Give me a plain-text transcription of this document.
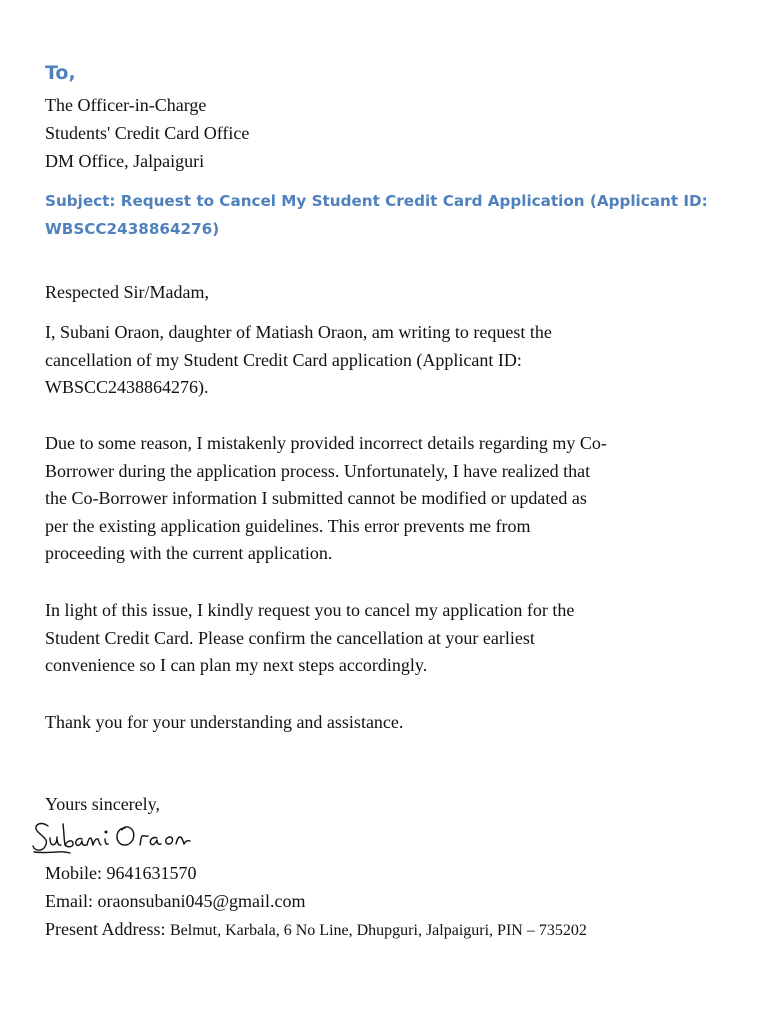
To,
The Officer-in-Charge
Students' Credit Card Office
DM Office, Jalpaiguri
Subject: Request to Cancel My Student Credit Card Application (Applicant ID:
WBSCC2438864276)
Respected Sir/Madam,
I, Subani Oraon, daughter of Matiash Oraon, am writing to request the
cancellation of my Student Credit Card application (Applicant ID:
WBSCC2438864276).
Due to some reason, I mistakenly provided incorrect details regarding my Co-
Borrower during the application process. Unfortunately, I have realized that
the Co-Borrower information I submitted cannot be modified or updated as
per the existing application guidelines. This error prevents me from
proceeding with the current application.
In light of this issue, I kindly request you to cancel my application for the
Student Credit Card. Please confirm the cancellation at your earliest
convenience so I can plan my next steps accordingly.
Thank you for your understanding and assistance.
Yours sincerely,
Mobile: 9641631570
Email: oraonsubani045@gmail.com
Present Address: Belmut, Karbala, 6 No Line, Dhupguri, Jalpaiguri, PIN – 735202
